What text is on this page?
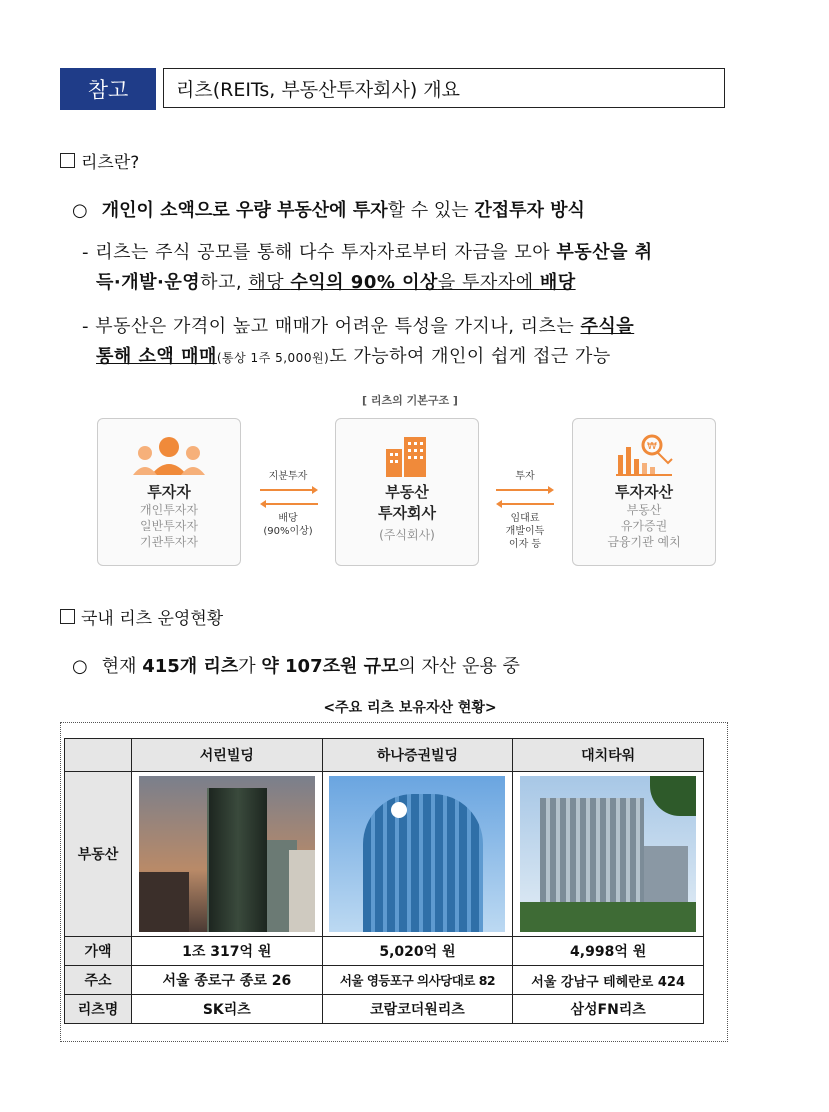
참고	리츠(REITs, 부동산투자회사) 개요
리츠란?
○ 개인이 소액으로 우량 부동산에 투자할 수 있는 간접투자 방식
- 리츠는 주식 공모를 통해 다수 투자자로부터 자금을 모아 부동산을 취
득·개발·운영하고, 해당 수익의 90% 이상을 투자자에 배당
- 부동산은 가격이 높고 매매가 어려운 특성을 가지나, 리츠는 주식을
통해 소액 매매(통상 1주 5,000원)도 가능하여 개인이 쉽게 접근 가능
[ 리츠의 기본구조 ]
투자자
개인투자자
일반투자자
기관투자자
부동산
투자회사
(주식회사)
₩
투자자산
부동산
유가증권
금융기관 예치
지분투자
배당
(90%이상)
투자
임대료
개발이득
이자 등
국내 리츠 운영현황
○ 현재 415개 리츠가 약 107조원 규모의 자산 운용 중
<주요 리츠 보유자산 현황>
	서린빌딩	하나증권빌딩	대치타워
부동산	

가액	1조 317억 원	5,020억 원	4,998억 원
주소	서울 종로구 종로 26	서울 영등포구 의사당대로 82	서울 강남구 테헤란로 424
리츠명	SK리츠	코람코더원리츠	삼성FN리츠
